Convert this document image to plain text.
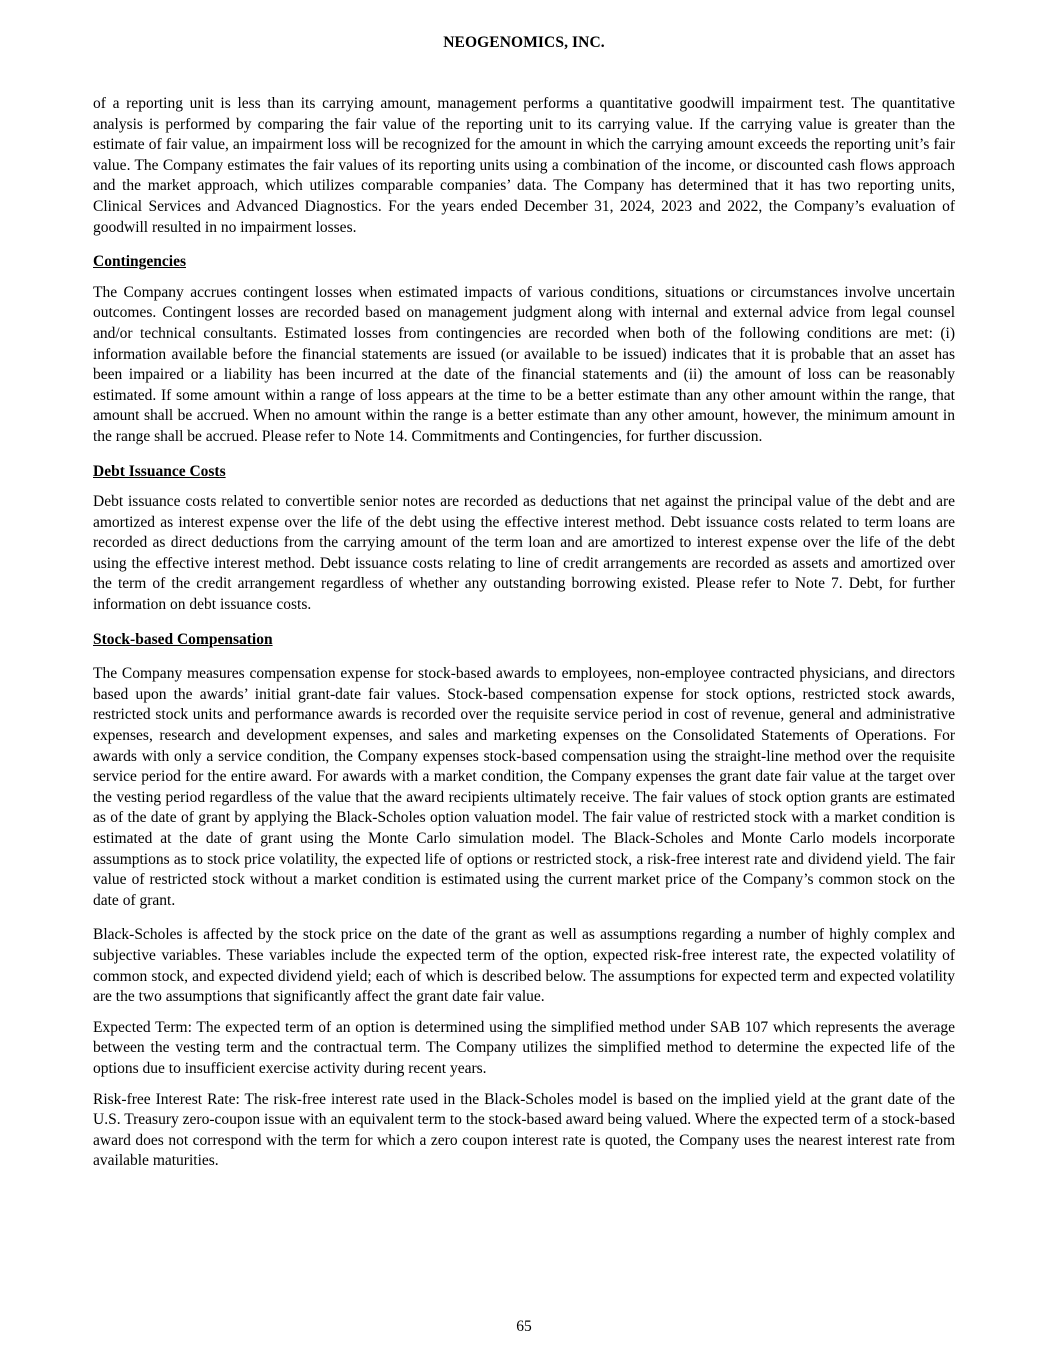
NEOGENOMICS, INC.

of a reporting unit is less than its carrying amount, management performs a quantitative goodwill impairment test. The quantitative analysis is performed by comparing the fair value of the reporting unit to its carrying value. If the carrying value is greater than the estimate of fair value, an impairment loss will be recognized for the amount in which the carrying amount exceeds the reporting unit’s fair value. The Company estimates the fair values of its reporting units using a combination of the income, or discounted cash flows approach and the market approach, which utilizes comparable companies’ data. The Company has determined that it has two reporting units, Clinical Services and Advanced Diagnostics. For the years ended December 31, 2024, 2023 and 2022, the Company’s evaluation of goodwill resulted in no impairment losses.

Contingencies

The Company accrues contingent losses when estimated impacts of various conditions, situations or circumstances involve uncertain outcomes. Contingent losses are recorded based on management judgment along with internal and external advice from legal counsel and/or technical consultants. Estimated losses from contingencies are recorded when both of the following conditions are met: (i) information available before the financial statements are issued (or available to be issued) indicates that it is probable that an asset has been impaired or a liability has been incurred at the date of the financial statements and (ii) the amount of loss can be reasonably estimated. If some amount within a range of loss appears at the time to be a better estimate than any other amount within the range, that amount shall be accrued. When no amount within the range is a better estimate than any other amount, however, the minimum amount in the range shall be accrued. Please refer to Note 14. Commitments and Contingencies, for further discussion.

Debt Issuance Costs

Debt issuance costs related to convertible senior notes are recorded as deductions that net against the principal value of the debt and are amortized as interest expense over the life of the debt using the effective interest method. Debt issuance costs related to term loans are recorded as direct deductions from the carrying amount of the term loan and are amortized to interest expense over the life of the debt using the effective interest method. Debt issuance costs relating to line of credit arrangements are recorded as assets and amortized over the term of the credit arrangement regardless of whether any outstanding borrowing existed. Please refer to Note 7. Debt, for further information on debt issuance costs.

Stock-based Compensation

The Company measures compensation expense for stock-based awards to employees, non-employee contracted physicians, and directors based upon the awards’ initial grant-date fair values. Stock-based compensation expense for stock options, restricted stock awards, restricted stock units and performance awards is recorded over the requisite service period in cost of revenue, general and administrative expenses, research and development expenses, and sales and marketing expenses on the Consolidated Statements of Operations. For awards with only a service condition, the Company expenses stock-based compensation using the straight-line method over the requisite service period for the entire award. For awards with a market condition, the Company expenses the grant date fair value at the target over the vesting period regardless of the value that the award recipients ultimately receive. The fair values of stock option grants are estimated as of the date of grant by applying the Black-Scholes option valuation model. The fair value of restricted stock with a market condition is estimated at the date of grant using the Monte Carlo simulation model. The Black-Scholes and Monte Carlo models incorporate assumptions as to stock price volatility, the expected life of options or restricted stock, a risk-free interest rate and dividend yield. The fair value of restricted stock without a market condition is estimated using the current market price of the Company’s common stock on the date of grant.

Black-Scholes is affected by the stock price on the date of the grant as well as assumptions regarding a number of highly complex and subjective variables. These variables include the expected term of the option, expected risk-free interest rate, the expected volatility of common stock, and expected dividend yield; each of which is described below. The assumptions for expected term and expected volatility are the two assumptions that significantly affect the grant date fair value.

Expected Term: The expected term of an option is determined using the simplified method under SAB 107 which represents the average between the vesting term and the contractual term. The Company utilizes the simplified method to determine the expected life of the options due to insufficient exercise activity during recent years.

Risk-free Interest Rate: The risk-free interest rate used in the Black-Scholes model is based on the implied yield at the grant date of the U.S. Treasury zero-coupon issue with an equivalent term to the stock-based award being valued. Where the expected term of a stock-based award does not correspond with the term for which a zero coupon interest rate is quoted, the Company uses the nearest interest rate from available maturities.

65
